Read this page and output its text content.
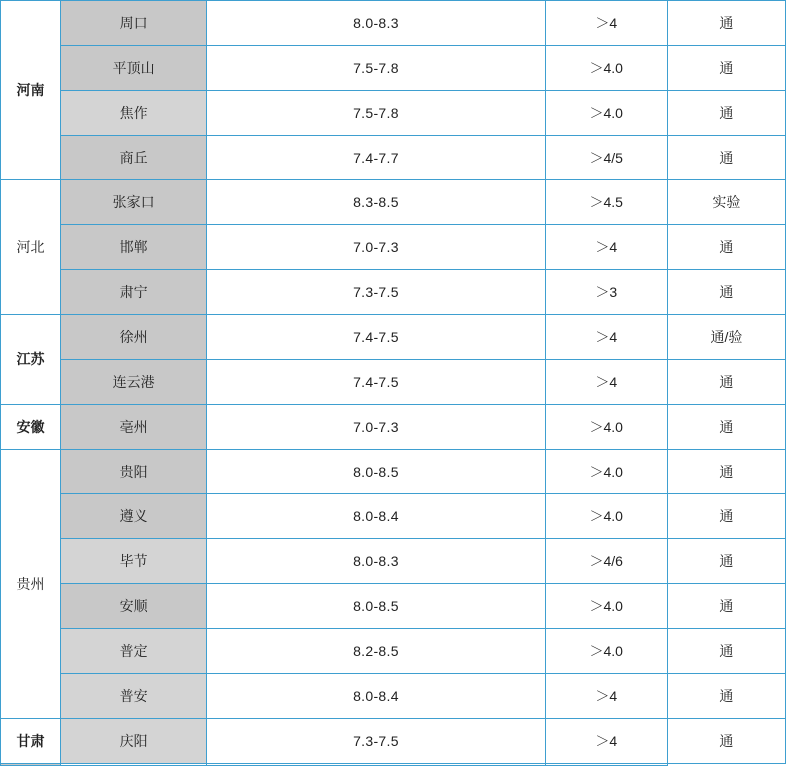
河南	周口	8.0-8.3	＞4	通
	平顶山	7.5-7.8	＞4.0	通
	焦作	7.5-7.8	＞4.0	通
	商丘	7.4-7.7	＞4/5	通
河北	张家口	8.3-8.5	＞4.5	实验
	邯郸	7.0-7.3	＞4	通
	肃宁	7.3-7.5	＞3	通
江苏	徐州	7.4-7.5	＞4	通/验
	连云港	7.4-7.5	＞4	通
安徽	亳州	7.0-7.3	＞4.0	通
贵州	贵阳	8.0-8.5	＞4.0	通
	遵义	8.0-8.4	＞4.0	通
	毕节	8.0-8.3	＞4/6	通
	安顺	8.0-8.5	＞4.0	通
	普定	8.2-8.5	＞4.0	通
	普安	8.0-8.4	＞4	通
甘肃	庆阳	7.3-7.5	＞4	通
